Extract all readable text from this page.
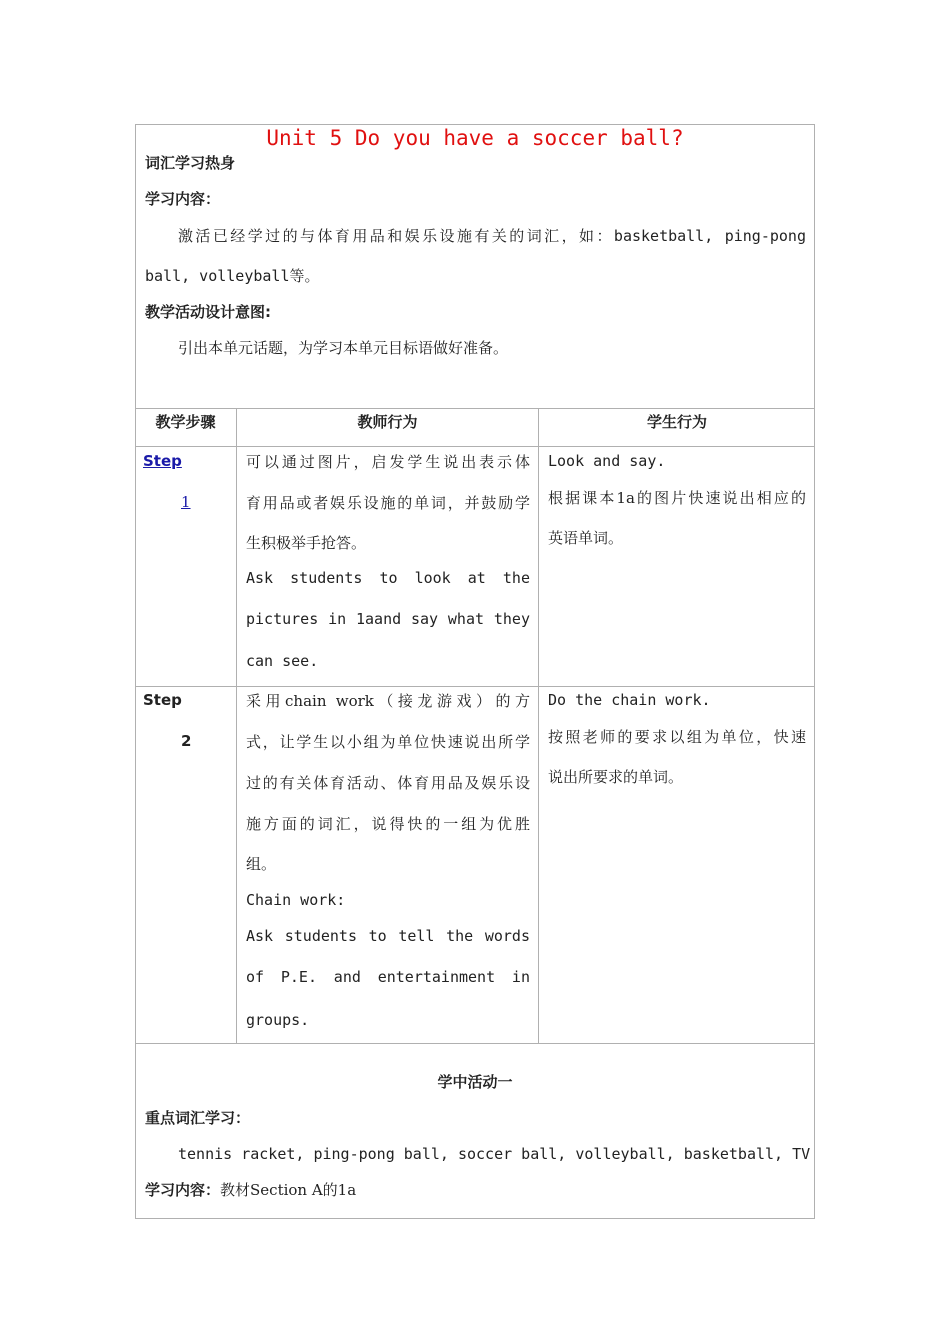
Unit 5 Do you have a soccer ball?
词汇学习热身
学习内容：
激活已经学过的与体育用品和娱乐设施有关的词汇，如：basketball, ping-pong
ball, volleyball等。
教学活动设计意图:
引出本单元话题，为学习本单元目标语做好准备。
教学步骤	教师行为	学生行为
Step
1
可以通过图片，启发学生说出表示体
育用品或者娱乐设施的单词，并鼓励学
生积极举手抢答。
Ask students to look at the
pictures in 1aand say what they
can see.
Look and say.
根据课本1a的图片快速说出相应的
英语单词。
Step
2
采用chain work（接龙游戏）的方
式，让学生以小组为单位快速说出所学
过的有关体育活动、体育用品及娱乐设
施方面的词汇，说得快的一组为优胜
组。
Chain work:
Ask students to tell the words
of P.E. and entertainment in
groups.
Do the chain work.
按照老师的要求以组为单位，快速
说出所要求的单词。
学中活动一
重点词汇学习：
tennis racket, ping-pong ball, soccer ball, volleyball, basketball, TV
学习内容：教材Section A的1a
